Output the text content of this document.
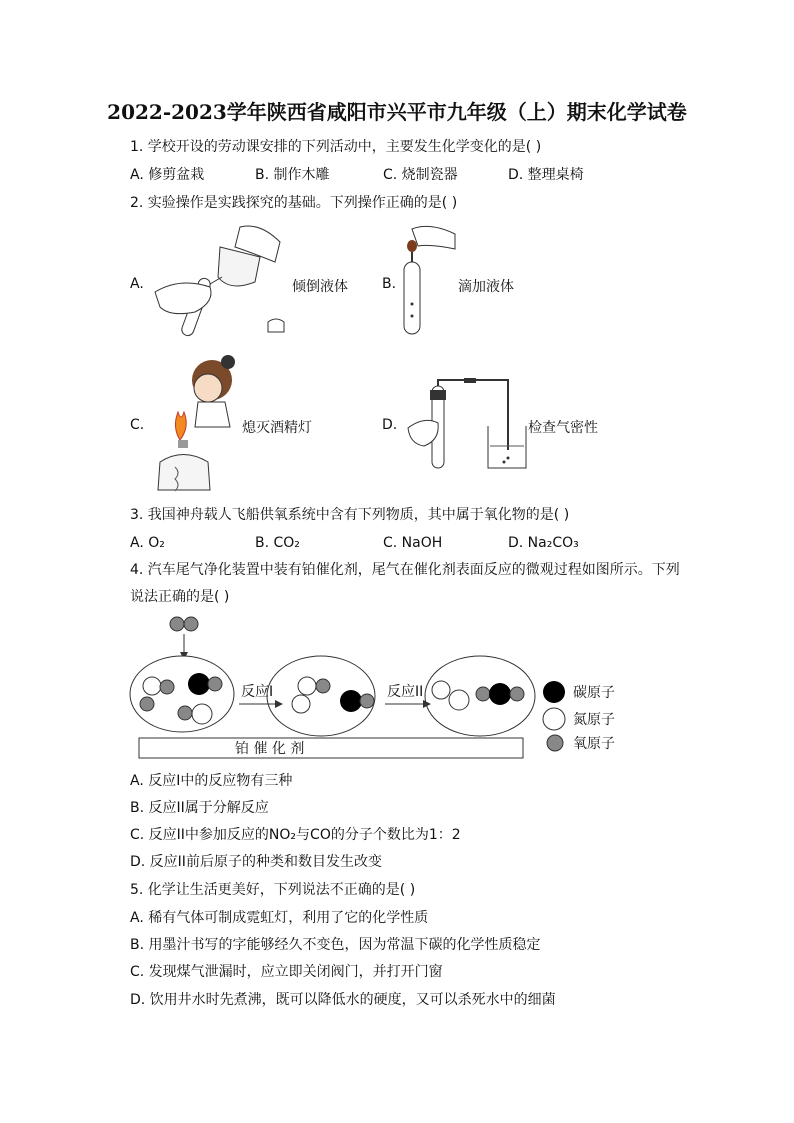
2022-2023学年陕西省咸阳市兴平市九年级（上）期末化学试卷
1. 学校开设的劳动课安排的下列活动中，主要发生化学变化的是( )
A. 修剪盆栽	B. 制作木雕	C. 烧制瓷器	D. 整理桌椅
2. 实验操作是实践探究的基础。下列操作正确的是( )
A.	倾倒液体 B.	滴加液体
C.	熄灭酒精灯	D.	检查气密性
3. 我国神舟载人飞船供氧系统中含有下列物质，其中属于氧化物的是( )
A. O₂	B. CO₂	C. NaOH	D. Na₂CO₃
4. 汽车尾气净化装置中装有铂催化剂，尾气在催化剂表面反应的微观过程如图所示。下列
说法正确的是( )
反应I	反应II
铂 催 化 剂
碳原子
氮原子
氧原子
A. 反应I中的反应物有三种
B. 反应II属于分解反应
C. 反应II中参加反应的NO₂与CO的分子个数比为1：2
D. 反应II前后原子的种类和数目发生改变
5. 化学让生活更美好，下列说法不正确的是( )
A. 稀有气体可制成霓虹灯，利用了它的化学性质
B. 用墨汁书写的字能够经久不变色，因为常温下碳的化学性质稳定
C. 发现煤气泄漏时，应立即关闭阀门，并打开门窗
D. 饮用井水时先煮沸，既可以降低水的硬度，又可以杀死水中的细菌
